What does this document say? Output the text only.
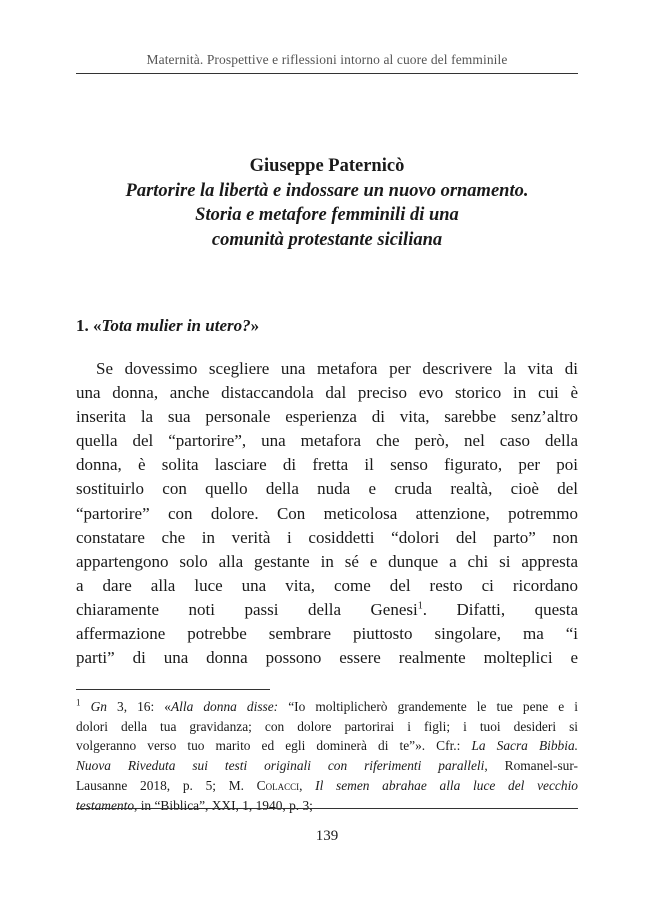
Maternità. Prospettive e riflessioni intorno al cuore del femminile
Giuseppe Paternicò
Partorire la libertà e indossare un nuovo ornamento.
Storia e metafore femminili di una
comunità protestante siciliana
1. «Tota mulier in utero?»
Se dovessimo scegliere una metafora per descrivere la vita di
una donna, anche distaccandola dal preciso evo storico in cui è
inserita la sua personale esperienza di vita, sarebbe senz’altro
quella del “partorire”, una metafora che però, nel caso della
donna, è solita lasciare di fretta il senso figurato, per poi
sostituirlo con quello della nuda e cruda realtà, cioè del
“partorire” con dolore. Con meticolosa attenzione, potremmo
constatare che in verità i cosiddetti “dolori del parto” non
appartengono solo alla gestante in sé e dunque a chi si appresta
a dare alla luce una vita, come del resto ci ricordano
chiaramente noti passi della Genesi$^1$. Difatti, questa
affermazione potrebbe sembrare piuttosto singolare, ma “i
parti” di una donna possono essere realmente molteplici e
$^1$ Gn 3, 16: «Alla donna disse: “Io moltiplicherò grandemente le tue pene e i
dolori della tua gravidanza; con dolore partorirai i figli; i tuoi desideri si
volgeranno verso tuo marito ed egli dominerà di te”». Cfr.: La Sacra Bibbia.
Nuova Riveduta sui testi originali con riferimenti paralleli, Romanel-sur-
Lausanne 2018, p. 5; M. Colacci, Il semen abrahae alla luce del vecchio
testamento, in “Biblica”, XXI, 1, 1940, p. 3;
139
